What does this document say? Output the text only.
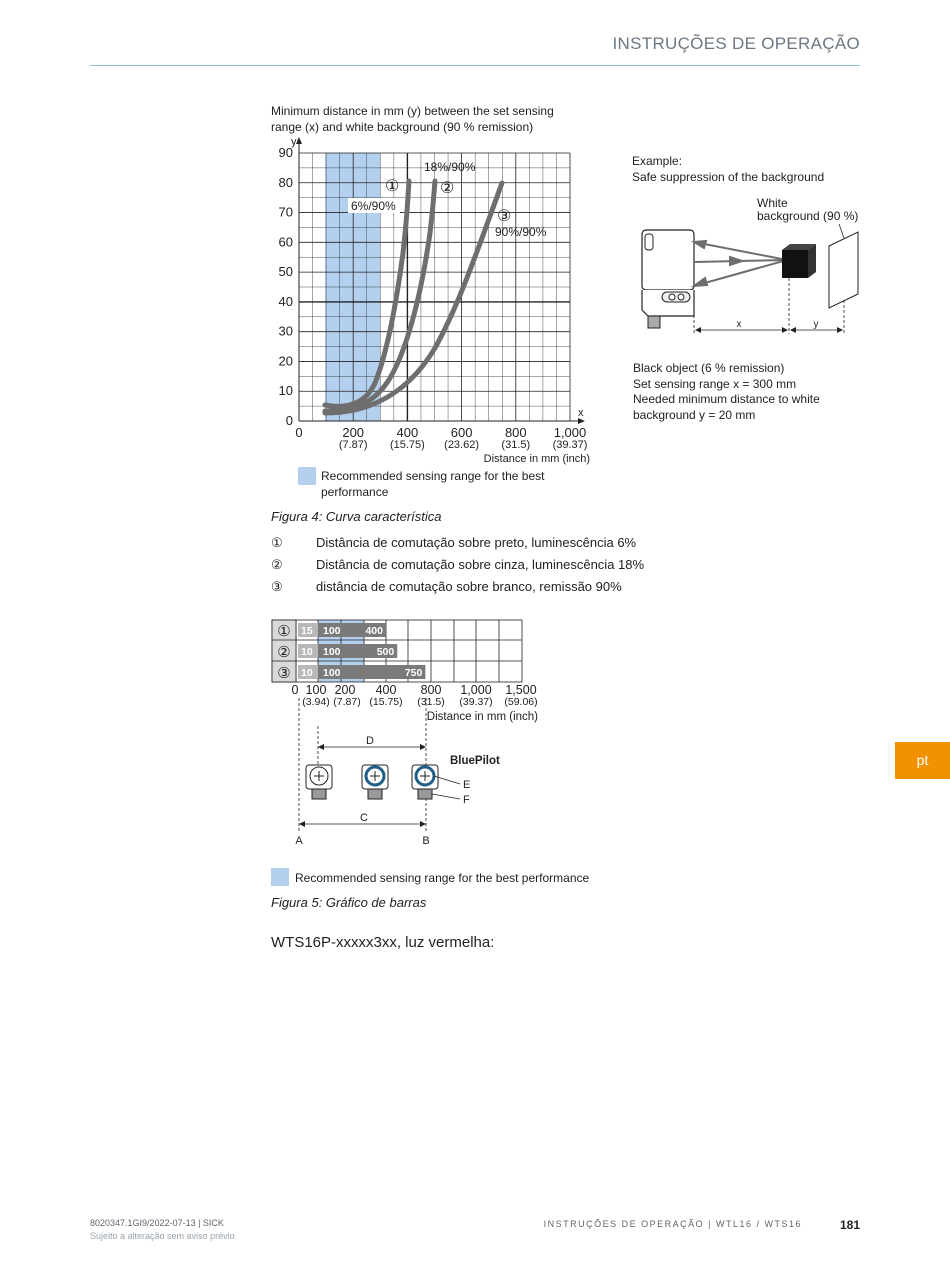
INSTRUÇÕES DE OPERAÇÃO
Minimum distance in mm (y) between the set sensing
range (x) and white background (90 % remission)
y
x
90
80
70
60
50
40
30
20
10
0
0	200 400 600 800 1,000
(7.87) (15.75) (23.62) (31.5) (39.37)
Distance in mm (inch)
6%/90%
18%/90%
90%/90%
①	②
③
Recommended sensing range for the best
performance
Figura 4: Curva característica
Example:
Safe suppression of the background
White
background (90 %)
x	y
Black object (6 % remission)
Set sensing range x = 300 mm
Needed minimum distance to white
background y = 20 mm
①	Distância de comutação sobre preto, luminescência 6%
②	Distância de comutação sobre cinza, luminescência 18%
③	distância de comutação sobre branco, remissão 90%
15 100 400
10 100	500
10 100	750
①
②
③
0 100 200 400 800 1,000 1,500
(3.94) (7.87) (15.75) (31.5) (39.37) (59.06)
Distance in mm (inch)
D
C
A	B
BluePilot
E
F
Recommended sensing range for the best performance
Figura 5: Gráfico de barras
WTS16P-xxxxx3xx, luz vermelha:
pt
8020347.1GI9/2022-07-13 | SICK
Sujeito a alteração sem aviso prévio
INSTRUÇÕES DE OPERAÇÃO | WTL16 / WTS16	181
